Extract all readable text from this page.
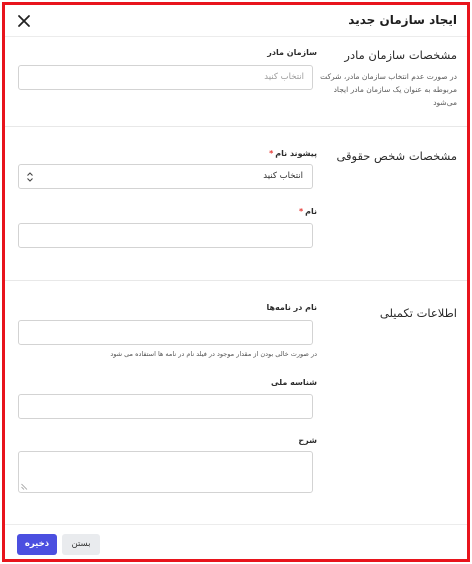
ایجاد سازمان جدید
مشخصات سازمان مادر
در صورت عدم انتخاب سازمان مادر، شرکت مربوطه به عنوان یک سازمان مادر ایجاد می‌شود
سازمان مادر
انتخاب کنید
مشخصات شخص حقوقی
پیشوند نام*
انتخاب کنید
نام*
اطلاعات تکمیلی
نام در نامه‌ها
در صورت خالی بودن از مقدار موجود در فیلد نام در نامه ها استفاده می شود
شناسه ملی
شرح
ذخیره	بستن
